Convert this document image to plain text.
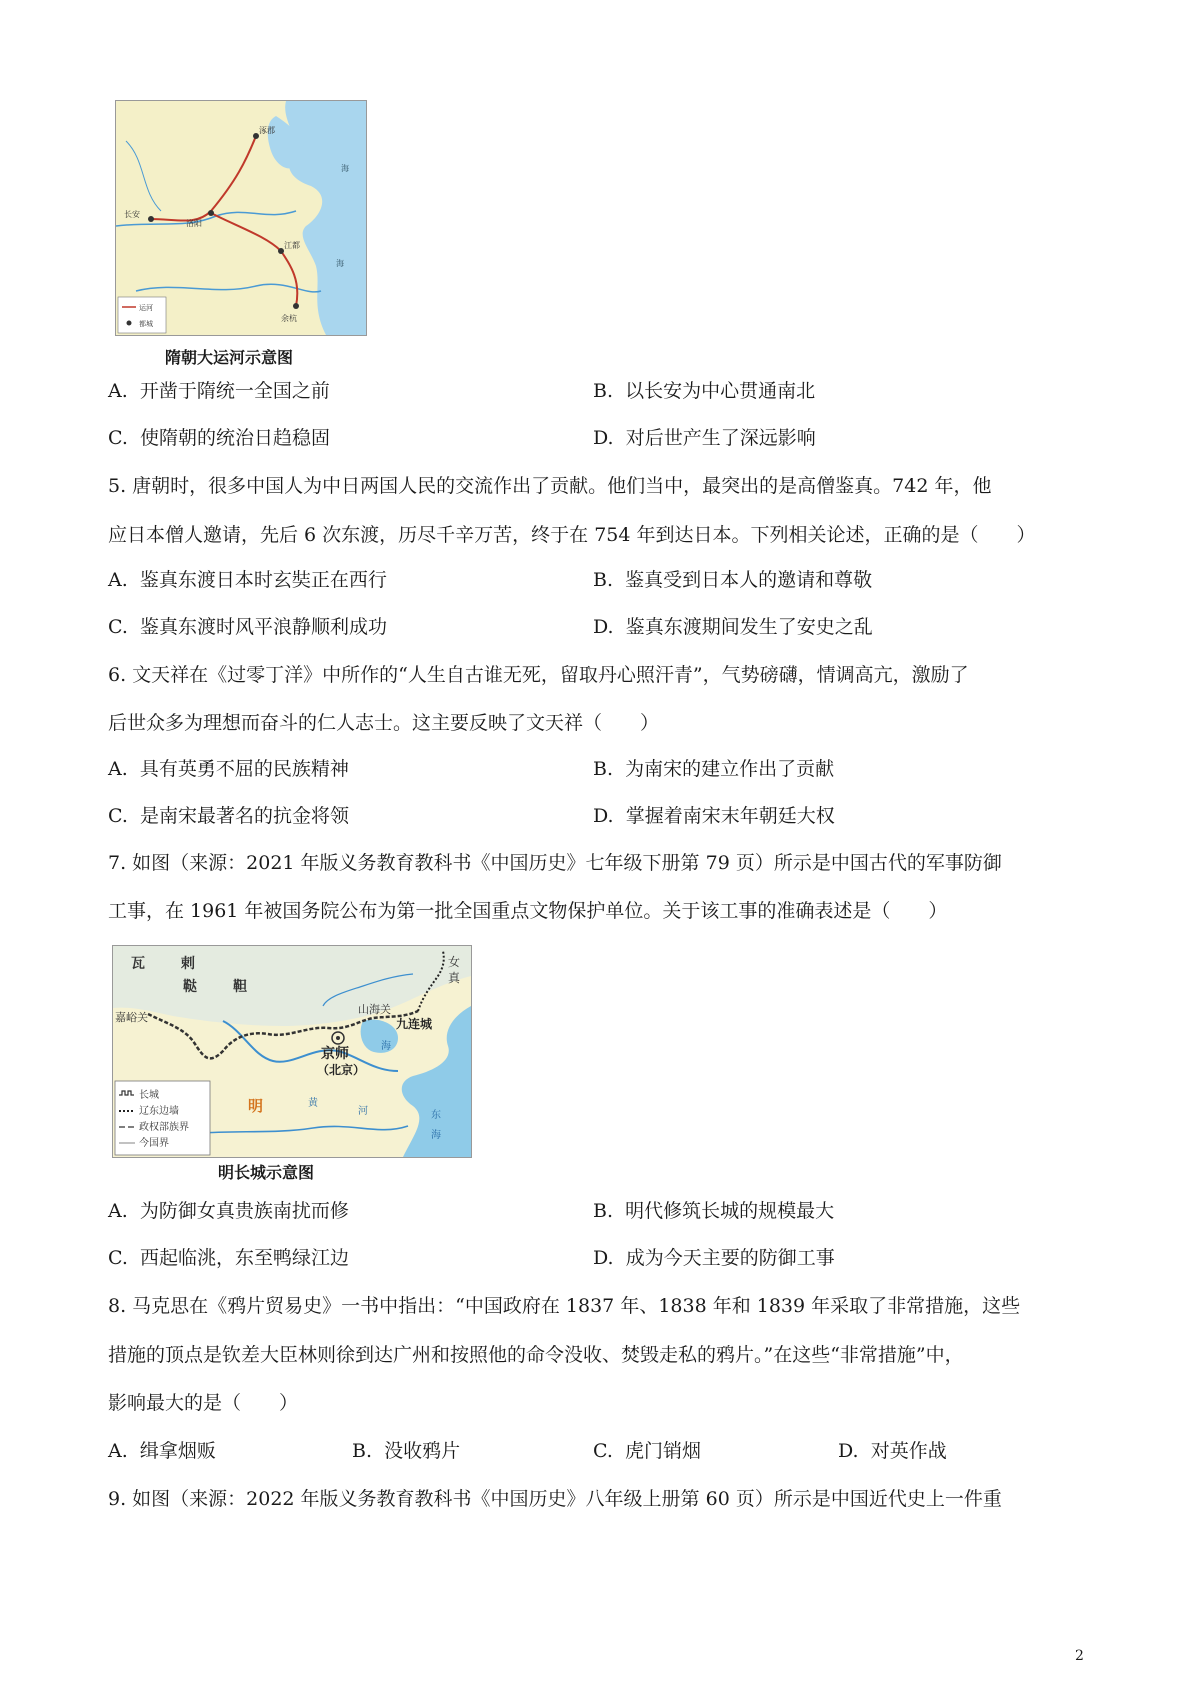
涿郡
长安
洛阳
江都
余杭
海
海
运河
都城
隋朝大运河示意图
A. 开凿于隋统一全国之前	B. 以长安为中心贯通南北
C. 使隋朝的统治日趋稳固	D. 对后世产生了深远影响
5. 唐朝时，很多中国人为中日两国人民的交流作出了贡献。他们当中，最突出的是高僧鉴真。742 年，他
应日本僧人邀请，先后 6 次东渡，历尽千辛万苦，终于在 754 年到达日本。下列相关论述，正确的是（　　）
A. 鉴真东渡日本时玄奘正在西行	B. 鉴真受到日本人的邀请和尊敬
C. 鉴真东渡时风平浪静顺利成功	D. 鉴真东渡期间发生了安史之乱
6. 文天祥在《过零丁洋》中所作的“人生自古谁无死，留取丹心照汗青”，气势磅礴，情调高亢，激励了
后世众多为理想而奋斗的仁人志士。这主要反映了文天祥（　　）
A. 具有英勇不屈的民族精神	B. 为南宋的建立作出了贡献
C. 是南宋最著名的抗金将领	D. 掌握着南宋末年朝廷大权
7. 如图（来源：2021 年版义务教育教科书《中国历史》七年级下册第 79 页）所示是中国古代的军事防御
工事，在 1961 年被国务院公布为第一批全国重点文物保护单位。关于该工事的准确表述是（　　）
瓦	剌
鞑	靼
女
真
嘉峪关
山海关
九连城
京师
（北京）
明
海
黄
河	东
海
长城
辽东边墙
政权部族界
今国界
明长城示意图
A. 为防御女真贵族南扰而修	B. 明代修筑长城的规模最大
C. 西起临洮，东至鸭绿江边	D. 成为今天主要的防御工事
8. 马克思在《鸦片贸易史》一书中指出：“中国政府在 1837 年、1838 年和 1839 年采取了非常措施，这些
措施的顶点是钦差大臣林则徐到达广州和按照他的命令没收、焚毁走私的鸦片。”在这些“非常措施”中，
影响最大的是（　　）
A. 缉拿烟贩	B. 没收鸦片	C. 虎门销烟	D. 对英作战
9. 如图（来源：2022 年版义务教育教科书《中国历史》八年级上册第 60 页）所示是中国近代史上一件重
2
